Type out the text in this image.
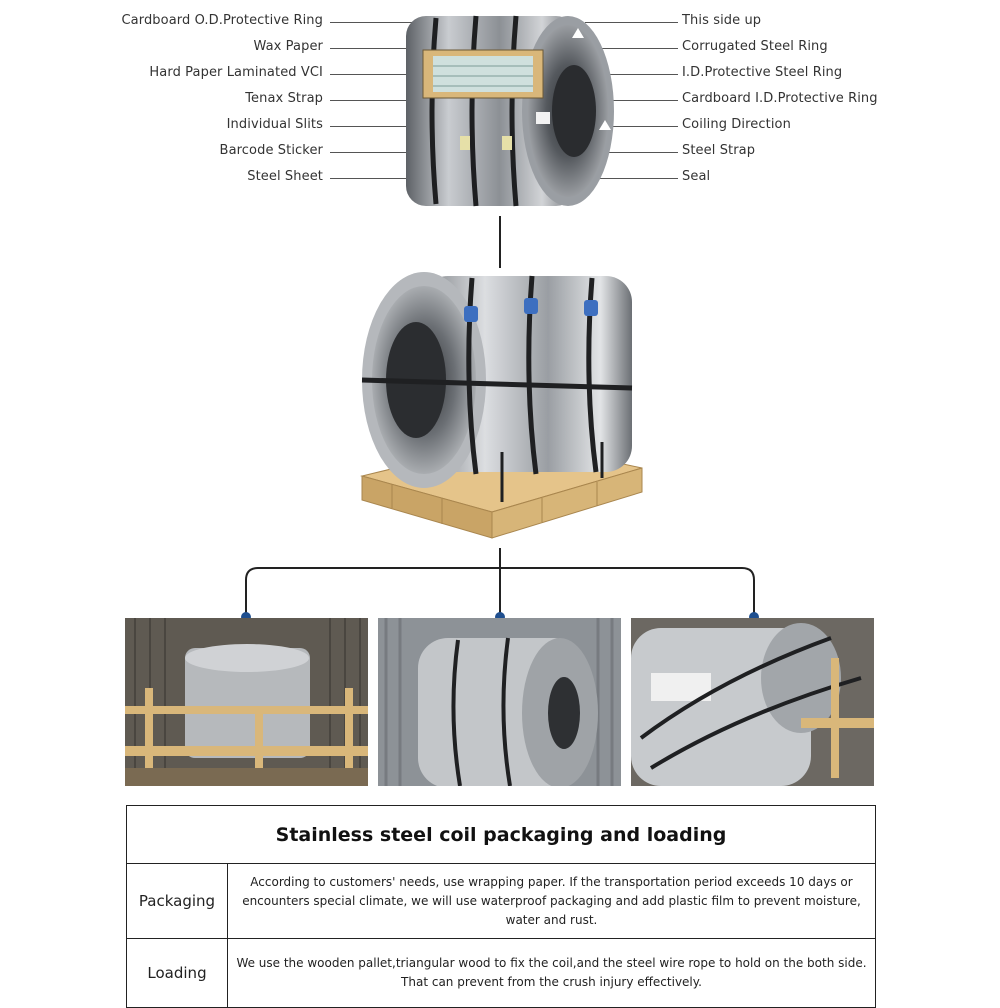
Cardboard O.D.Protective Ring
Wax Paper
Hard Paper Laminated VCI
Tenax Strap
Individual Slits
Barcode Sticker
Steel Sheet
This side up
Corrugated Steel Ring
I.D.Protective Steel Ring
Cardboard I.D.Protective Ring
Coiling Direction
Steel Strap
Seal
Stainless steel coil packaging and loading	
Packaging	According to customers' needs, use wrapping paper. If the transportation period exceeds 10 days or encounters special climate, we will use waterproof packaging and add plastic film to prevent moisture, water and rust.
Loading	We use the wooden pallet,triangular wood to fix the coil,and the steel wire rope to hold on the both side. That can prevent from the crush injury effectively.
